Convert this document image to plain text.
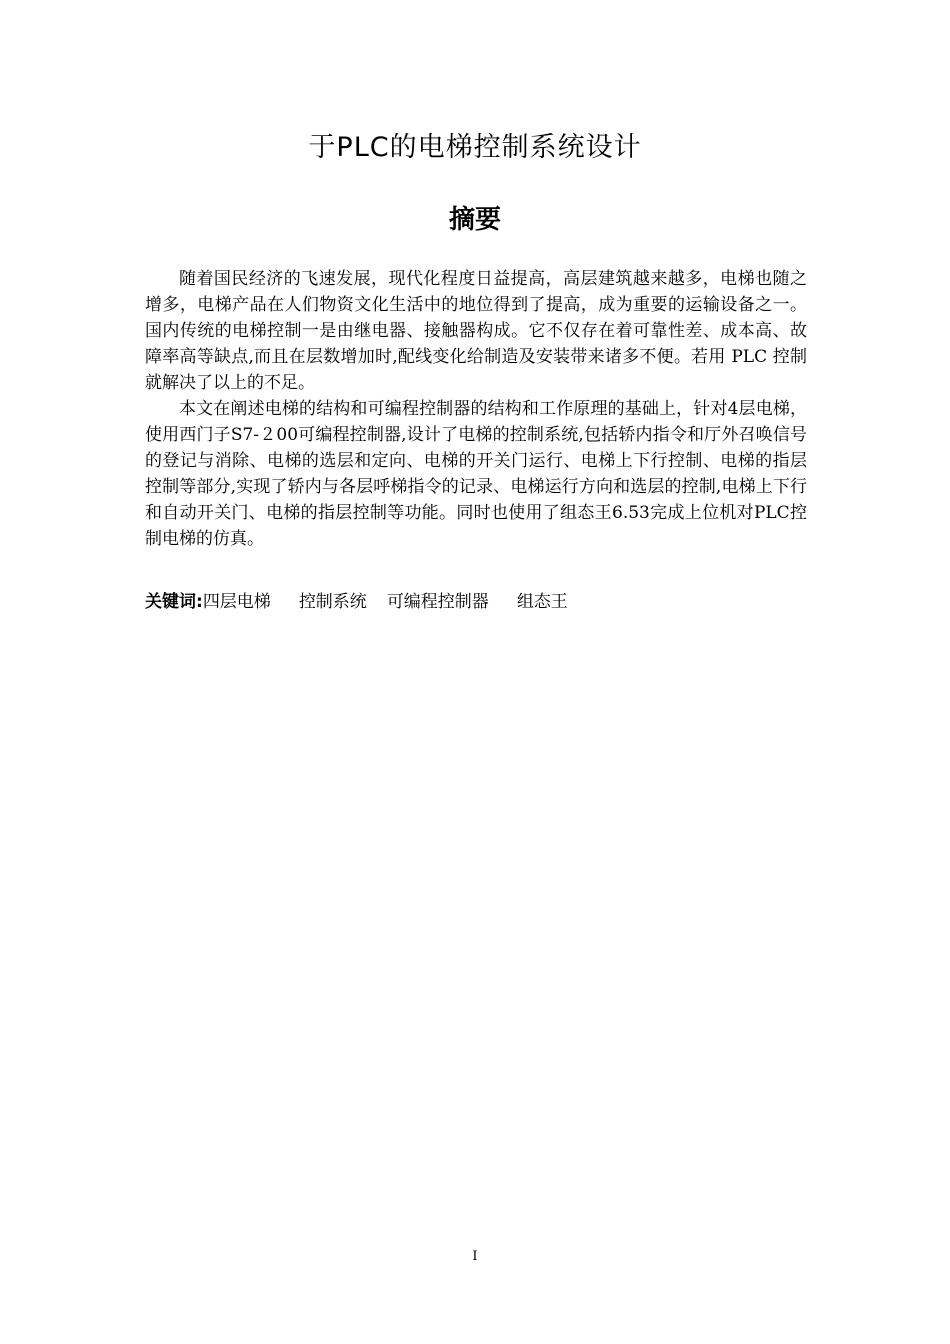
于PLC的电梯控制系统设计
摘要

随着国民经济的飞速发展，现代化程度日益提高，高层建筑越来越多，电梯也随之增多，电梯产品在人们物资文化生活中的地位得到了提高，成为重要的运输设备之一。国内传统的电梯控制一是由继电器、接触器构成。它不仅存在着可靠性差、成本高、故障率高等缺点,而且在层数增加时,配线变化给制造及安装带来诸多不便。若用 PLC 控制就解决了以上的不足。

本文在阐述电梯的结构和可编程控制器的结构和工作原理的基础上，针对4层电梯，使用西门子S7-２00可编程控制器,设计了电梯的控制系统,包括轿内指令和厅外召唤信号的登记与消除、电梯的选层和定向、电梯的开关门运行、电梯上下行控制、电梯的指层控制等部分,实现了轿内与各层呼梯指令的记录、电梯运行方向和选层的控制,电梯上下行和自动开关门、电梯的指层控制等功能。同时也使用了组态王6.53完成上位机对PLC控制电梯的仿真。

关键词:四层电梯 控制系统 可编程控制器 组态王
I
